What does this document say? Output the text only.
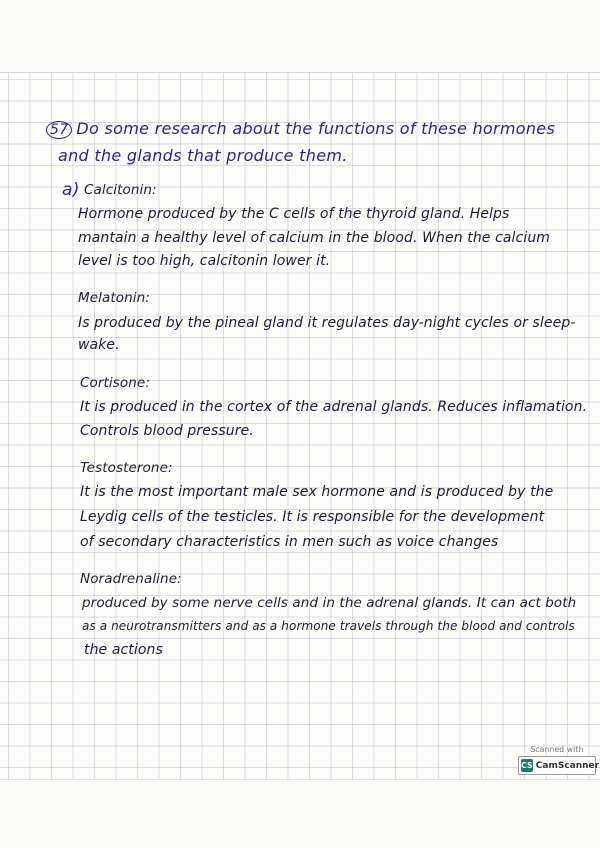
57 Do some research about the functions of these hormones
and the glands that produce them.
a) Calcitonin:
Hormone produced by the C cells of the thyroid gland. Helps
mantain a healthy level of calcium in the blood. When the calcium
level is too high, calcitonin lower it.
Melatonin:
Is produced by the pineal gland it regulates day-night cycles or sleep-
wake.
Cortisone:
It is produced in the cortex of the adrenal glands. Reduces inflamation.
Controls blood pressure.
Testosterone:
It is the most important male sex hormone and is produced by the
Leydig cells of the testicles. It is responsible for the development
of secondary characteristics in men such as voice changes
Noradrenaline:
produced by some nerve cells and in the adrenal glands. It can act both
as a neurotransmitters and as a hormone travels through the blood and controls
the actions
Scanned with
CS CamScanner
